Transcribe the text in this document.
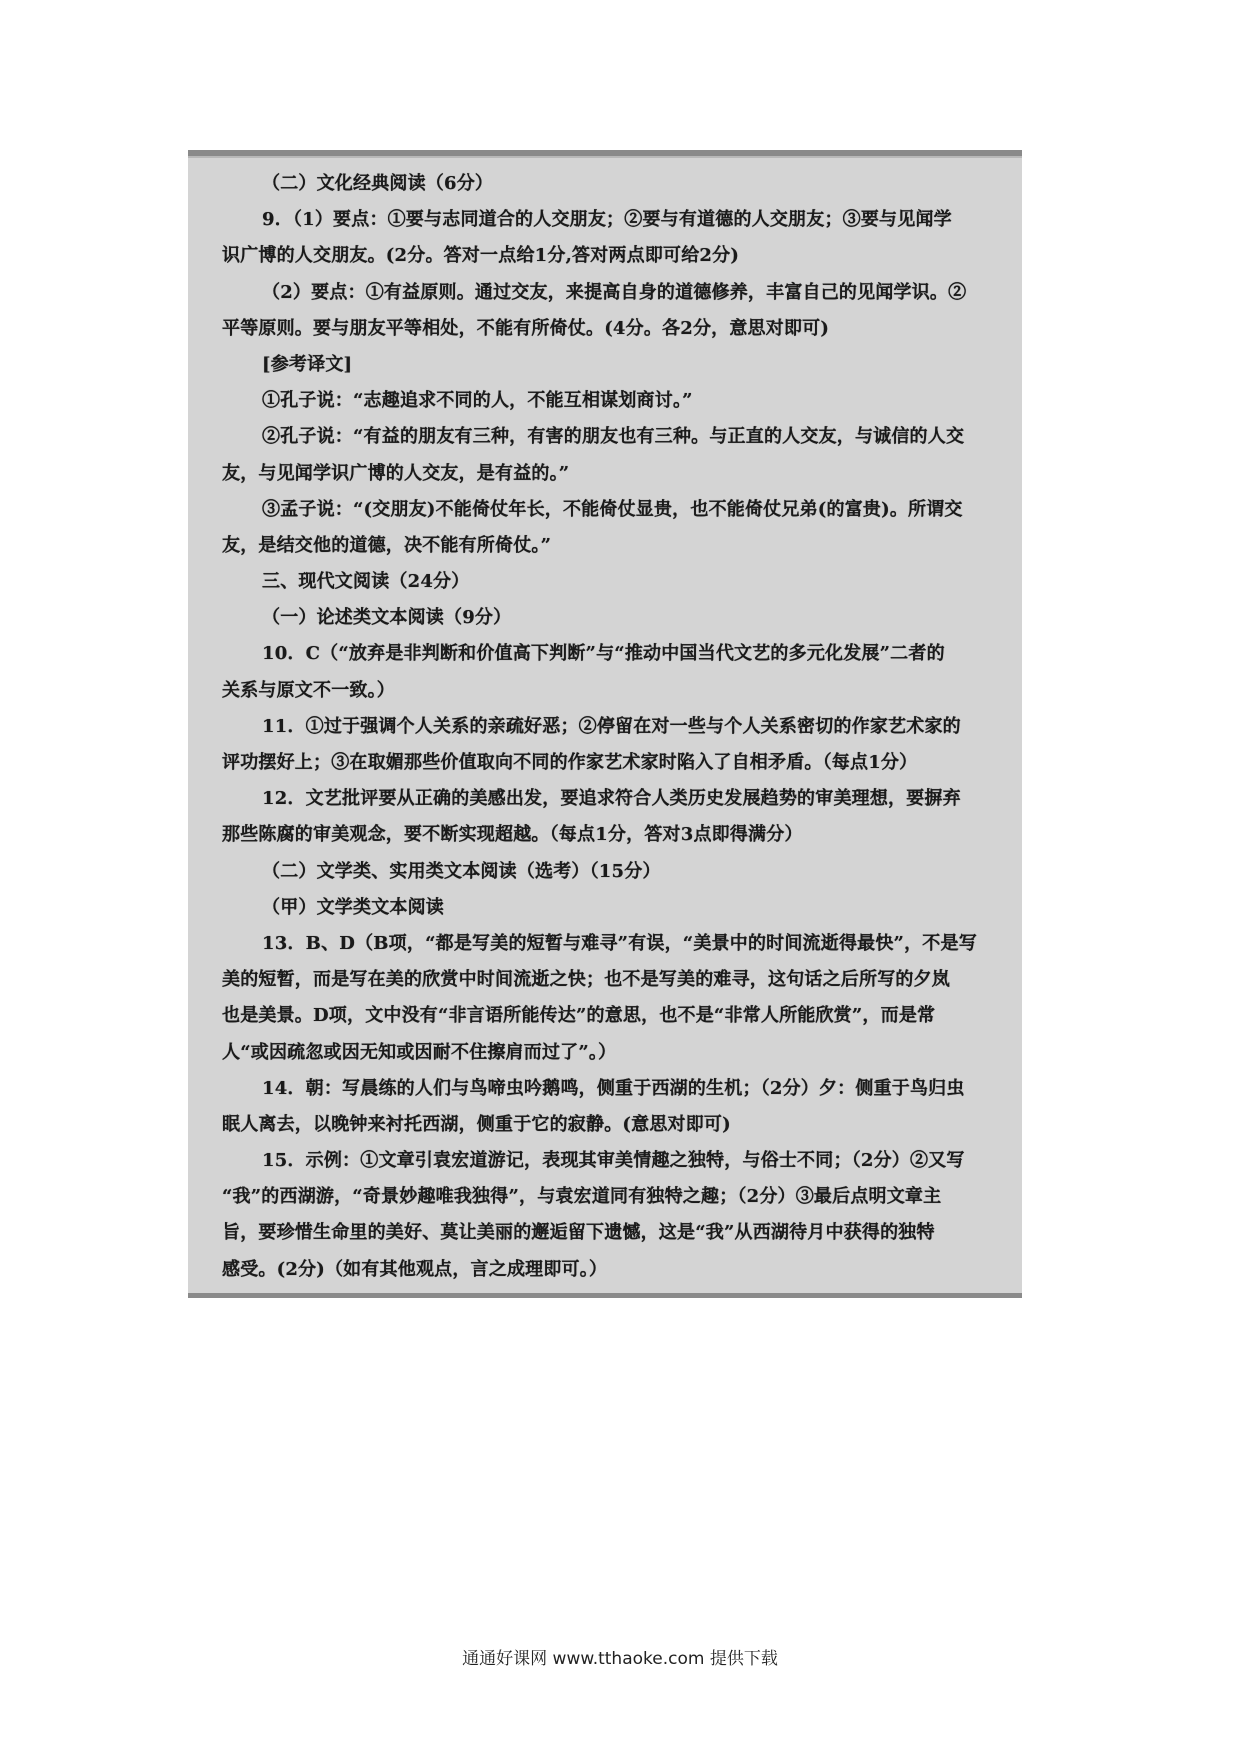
（二）文化经典阅读（6分）
9．（1）要点：①要与志同道合的人交朋友；②要与有道德的人交朋友；③要与见闻学
识广博的人交朋友。(2分。答对一点给1分,答对两点即可给2分)
（2）要点：①有益原则。通过交友，来提高自身的道德修养，丰富自己的见闻学识。②
平等原则。要与朋友平等相处，不能有所倚仗。(4分。各2分，意思对即可)
[参考译文]
①孔子说：“志趣追求不同的人，不能互相谋划商讨。”
②孔子说：“有益的朋友有三种，有害的朋友也有三种。与正直的人交友，与诚信的人交
友，与见闻学识广博的人交友，是有益的。”
③孟子说：“(交朋友)不能倚仗年长，不能倚仗显贵，也不能倚仗兄弟(的富贵)。所谓交
友，是结交他的道德，决不能有所倚仗。”
三、现代文阅读（24分）
（一）论述类文本阅读（9分）
10．C（“放弃是非判断和价值高下判断”与“推动中国当代文艺的多元化发展”二者的
关系与原文不一致。）
11．①过于强调个人关系的亲疏好恶；②停留在对一些与个人关系密切的作家艺术家的
评功摆好上；③在取媚那些价值取向不同的作家艺术家时陷入了自相矛盾。（每点1分）
12．文艺批评要从正确的美感出发，要追求符合人类历史发展趋势的审美理想，要摒弃
那些陈腐的审美观念，要不断实现超越。（每点1分，答对3点即得满分）
（二）文学类、实用类文本阅读（选考）（15分）
（甲）文学类文本阅读
13．B、D（B项，“都是写美的短暂与难寻”有误，“美景中的时间流逝得最快”，不是写
美的短暂，而是写在美的欣赏中时间流逝之快；也不是写美的难寻，这句话之后所写的夕岚
也是美景。D项，文中没有“非言语所能传达”的意思，也不是“非常人所能欣赏”，而是常
人“或因疏忽或因无知或因耐不住擦肩而过了”。）
14．朝：写晨练的人们与鸟啼虫吟鹅鸣，侧重于西湖的生机；（2分）夕：侧重于鸟归虫
眠人离去，以晚钟来衬托西湖，侧重于它的寂静。(意思对即可)
15．示例：①文章引袁宏道游记，表现其审美情趣之独特，与俗士不同；（2分）②又写
“我”的西湖游，“奇景妙趣唯我独得”，与袁宏道同有独特之趣；（2分）③最后点明文章主
旨，要珍惜生命里的美好、莫让美丽的邂逅留下遗憾，这是“我”从西湖待月中获得的独特
感受。(2分)（如有其他观点，言之成理即可。）
通通好课网 www.tthaoke.com 提供下载
